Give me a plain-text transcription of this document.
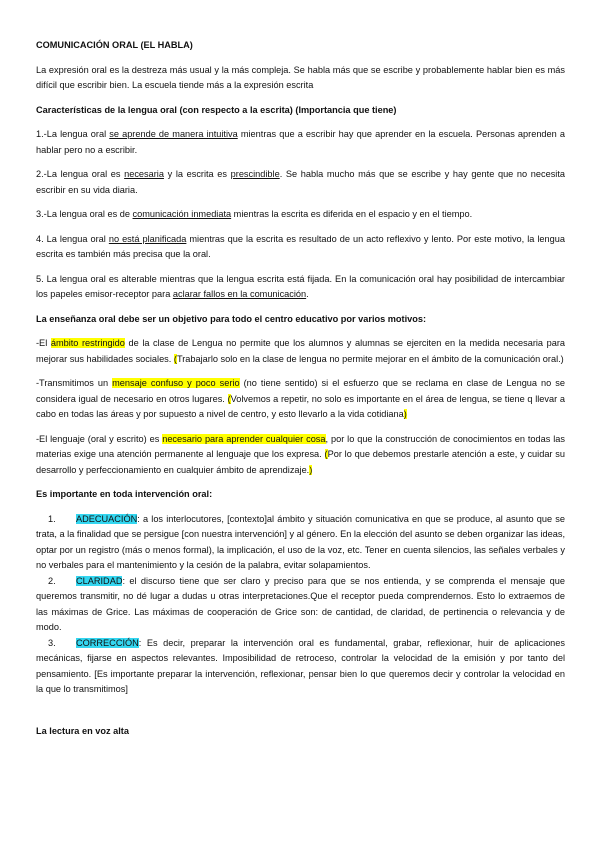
COMUNICACIÓN ORAL (EL HABLA)

La expresión oral es la destreza más usual y la más compleja. Se habla más que se escribe y probablemente hablar bien es más difícil que escribir bien. La escuela tiende más a la expresión escrita

Características de la lengua oral (con respecto a la escrita) (Importancia que tiene)

1.-La lengua oral se aprende de manera intuitiva mientras que a escribir hay que aprender en la escuela. Personas aprenden a hablar pero no a escribir.

2.-La lengua oral es necesaria y la escrita es prescindible. Se habla mucho más que se escribe y hay gente que no necesita escribir en su vida diaria.

3.-La lengua oral es de comunicación inmediata mientras la escrita es diferida en el espacio y en el tiempo.

4. La lengua oral no está planificada mientras que la escrita es resultado de un acto reflexivo y lento. Por este motivo, la lengua escrita es también más precisa que la oral.

5. La lengua oral es alterable mientras que la lengua escrita está fijada. En la comunicación oral hay posibilidad de intercambiar los papeles emisor-receptor para aclarar fallos en la comunicación.

La enseñanza oral debe ser un objetivo para todo el centro educativo por varios motivos:

-El ámbito restringido de la clase de Lengua no permite que los alumnos y alumnas se ejerciten en la medida necesaria para mejorar sus habilidades sociales. (Trabajarlo solo en la clase de lengua no permite mejorar en el ámbito de la comunicación oral.)

-Transmitimos un mensaje confuso y poco serio (no tiene sentido) si el esfuerzo que se reclama en clase de Lengua no se considera igual de necesario en otros lugares. (Volvemos a repetir, no solo es importante en el área de lengua, se tiene q llevar a cabo en todas las áreas y por supuesto a nivel de centro, y esto llevarlo a la vida cotidiana)

-El lenguaje (oral y escrito) es necesario para aprender cualquier cosa, por lo que la construcción de conocimientos en todas las materias exige una atención permanente al lenguaje que los expresa. (Por lo que debemos prestarle atención a este, y cuidar su desarrollo y perfeccionamiento en cualquier ámbito de aprendizaje.)

Es importante en toda intervención oral:

1. ADECUACIÓN: a los interlocutores, [contexto]al ámbito y situación comunicativa en que se produce, al asunto que se trata, a la finalidad que se persigue [con nuestra intervención] y al género. En la elección del asunto se deben organizar las ideas, optar por un registro (más o menos formal), la implicación, el uso de la voz, etc. Tener en cuenta silencios, las señales verbales y no verbales para el mantenimiento y la cesión de la palabra, evitar solapamientos.

2. CLARIDAD: el discurso tiene que ser claro y preciso para que se nos entienda, y se comprenda el mensaje que queremos transmitir, no dé lugar a dudas u otras interpretaciones.Que el receptor pueda comprendernos. Esto lo extraemos de las máximas de Grice. Las máximas de cooperación de Grice son: de cantidad, de claridad, de pertinencia o relevancia y de modo.

3. CORRECCIÓN: Es decir, preparar la intervención oral es fundamental, grabar, reflexionar, huir de aplicaciones mecánicas, fijarse en aspectos relevantes. Imposibilidad de retroceso, controlar la velocidad de la emisión y por tanto del pensamiento. [Es importante preparar la intervención, reflexionar, pensar bien lo que queremos decir y controlar la velocidad en la que lo transmitimos]

La lectura en voz alta
